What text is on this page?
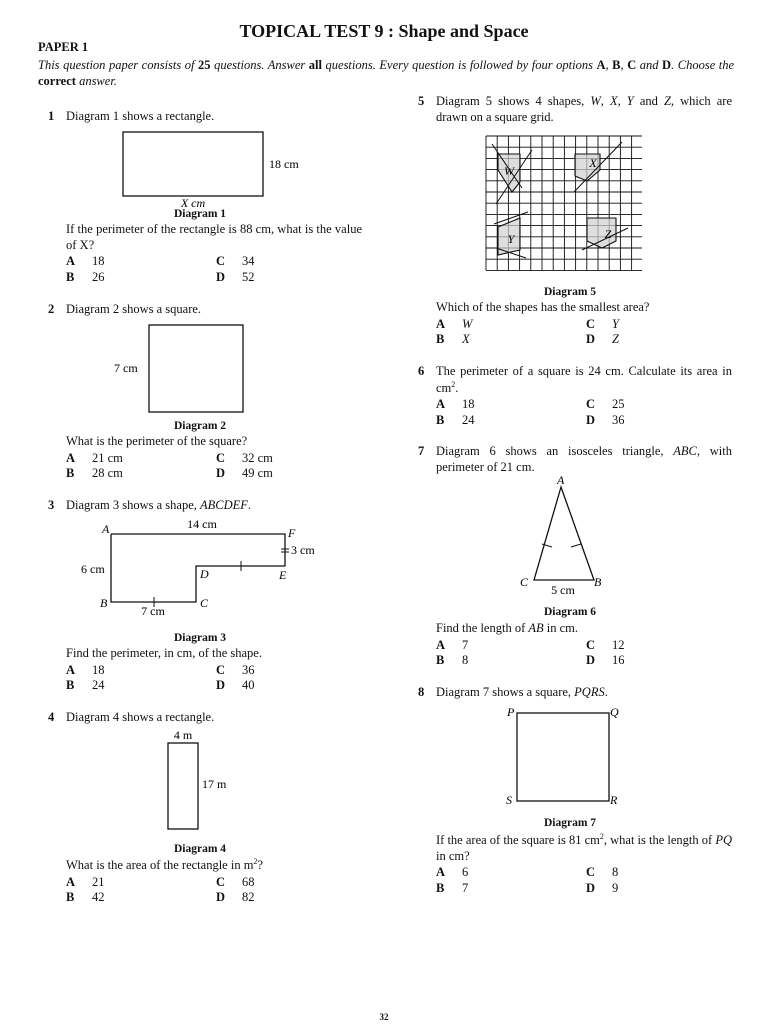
TOPICAL TEST 9 : Shape and Space
PAPER 1
This question paper consists of 25 questions. Answer all questions. Every question is followed by four options A, B, C and D. Choose the correct answer.
1 Diagram 1 shows a rectangle.
18 cm
X cm
Diagram 1
If the perimeter of the rectangle is 88 cm, what is the value of X?
A	18	C	34
B	26	D	52
2 Diagram 2 shows a square.
7 cm
Diagram 2
What is the perimeter of the square?
A	21 cm	C	32 cm
B	28 cm	D	49 cm
3 Diagram 3 shows a shape, ABCDEF.
14 cm
3 cm
6 cm
7 cm
A
B	C
D	E
F
Diagram 3
Find the perimeter, in cm, of the shape.
A	18	C	36
B	24	D	40
4 Diagram 4 shows a rectangle.
4 m
17 m
Diagram 4
What is the area of the rectangle in $m^2$?
A	21	C	68
B	42	D	82
5 Diagram 5 shows 4 shapes, W, X, Y and Z, which are drawn on a square grid.
W
X
Y	Z
Diagram 5
Which of the shapes has the smallest area?
A	W	C	Y
B	X	D	Z
6 The perimeter of a square is 24 cm. Calculate its area in $cm^2$.
A	18	C	25
B	24	D	36
7 Diagram 6 shows an isosceles triangle, ABC, with perimeter of 21 cm.
A
C	B
5 cm
Diagram 6
Find the length of AB in cm.
A	7	C	12
B	8	D	16
8 Diagram 7 shows a square, PQRS.
P	Q
S	R
Diagram 7
If the area of the square is 81 $cm^2$, what is the length of PQ in cm?
A	6	C	8
B	7	D	9
32
